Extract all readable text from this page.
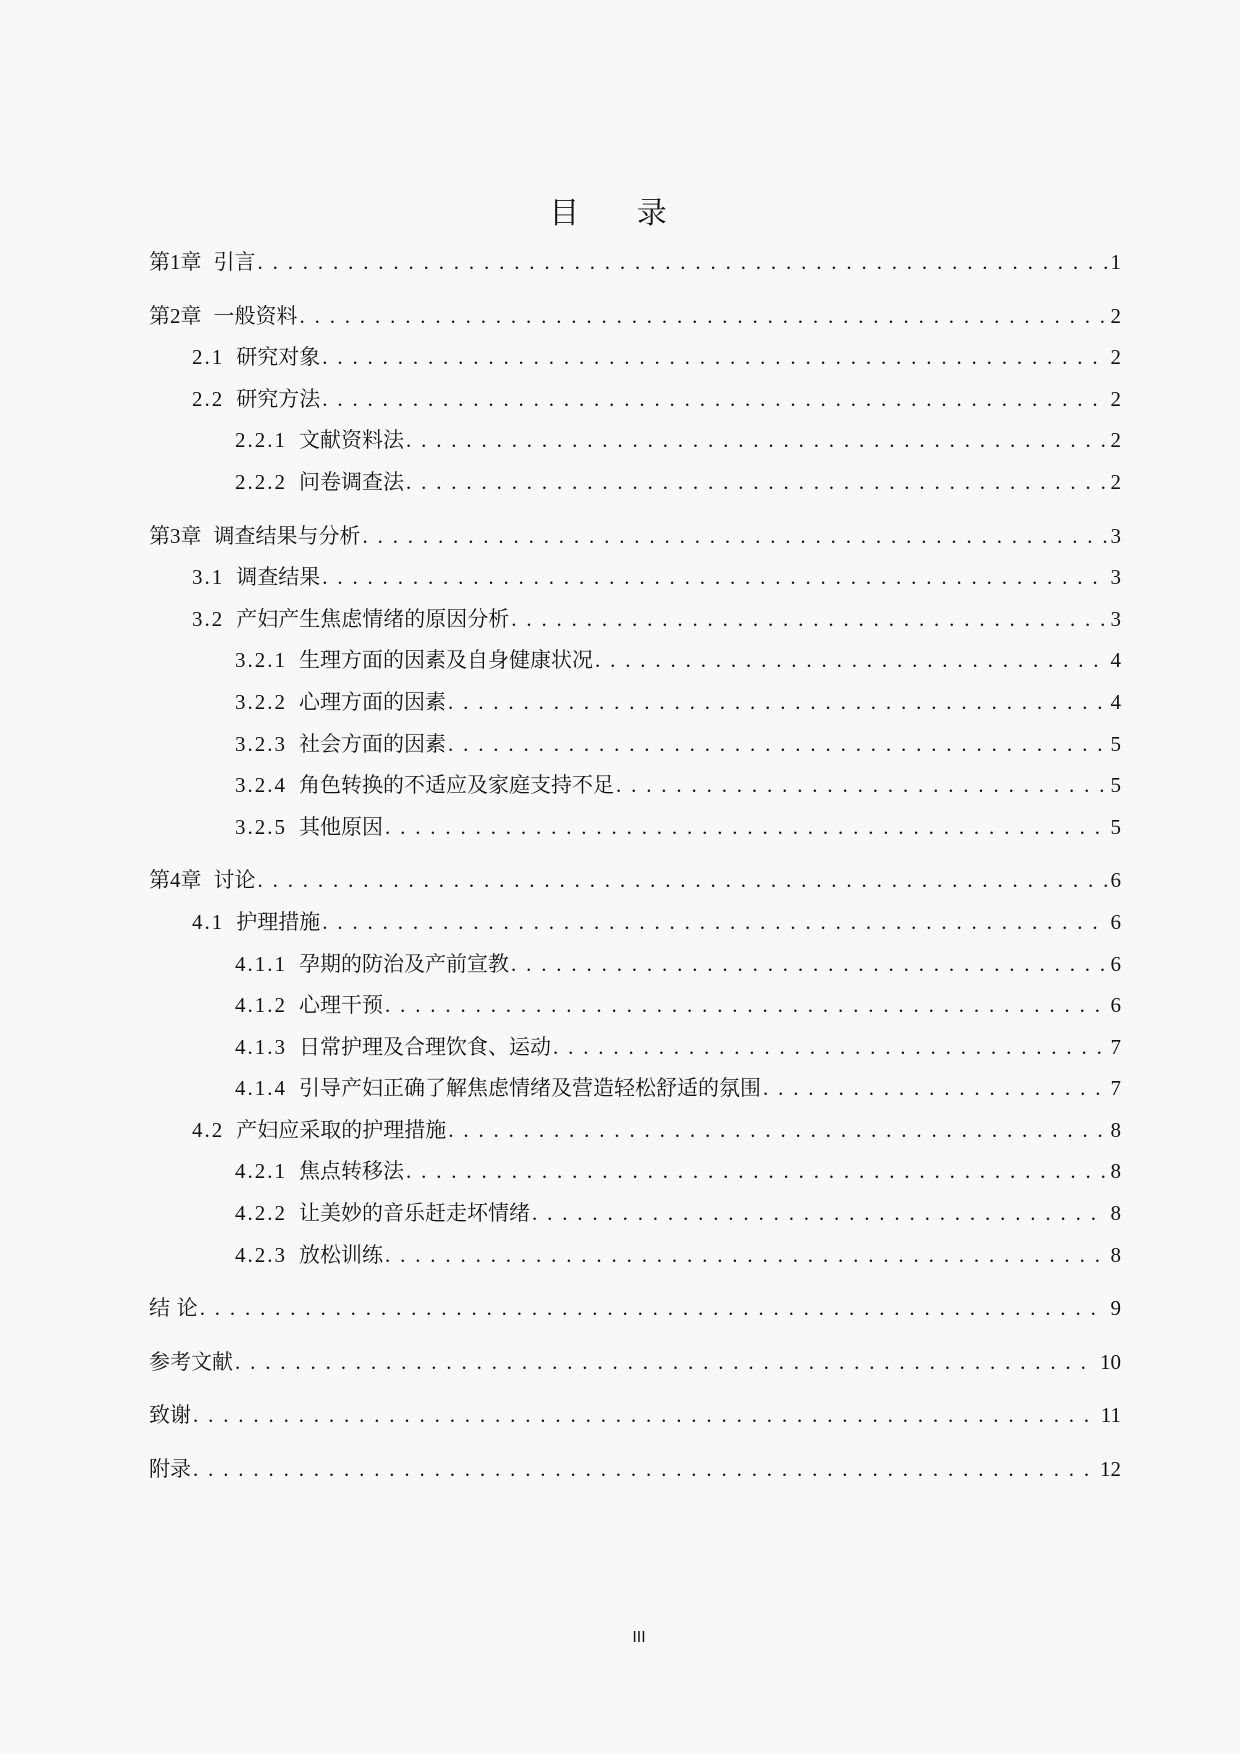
目 录
第1章 引言 . . .	1
第2章 一般资料 . . .	2
2.1 研究对象 . . .	2
2.2 研究方法 . . .	2
2.2.1 文献资料法 . . .	2
2.2.2 问卷调查法 . . .	2
第3章 调查结果与分析 . . .	3
3.1 调查结果 . . .	3
3.2 产妇产生焦虑情绪的原因分析 . . .	3
3.2.1 生理方面的因素及自身健康状况 . . .	4
3.2.2 心理方面的因素 . . .	4
3.2.3 社会方面的因素 . . .	5
3.2.4 角色转换的不适应及家庭支持不足 . . .	5
3.2.5 其他原因 . . .	5
第4章 讨论 . . .	6
4.1 护理措施 . . .	6
4.1.1 孕期的防治及产前宣教 . . .	6
4.1.2 心理干预 . . .	6
4.1.3 日常护理及合理饮食、运动 . . .	7
4.1.4 引导产妇正确了解焦虑情绪及营造轻松舒适的氛围 . . .	7
4.2 产妇应采取的护理措施 . . .	8
4.2.1 焦点转移法 . . .	8
4.2.2 让美妙的音乐赶走坏情绪 . . .	8
4.2.3 放松训练 . . .	8
结 论 . . .	9
参考文献 . . .	10
致谢 . . .	11
附录 . . .	12
III
